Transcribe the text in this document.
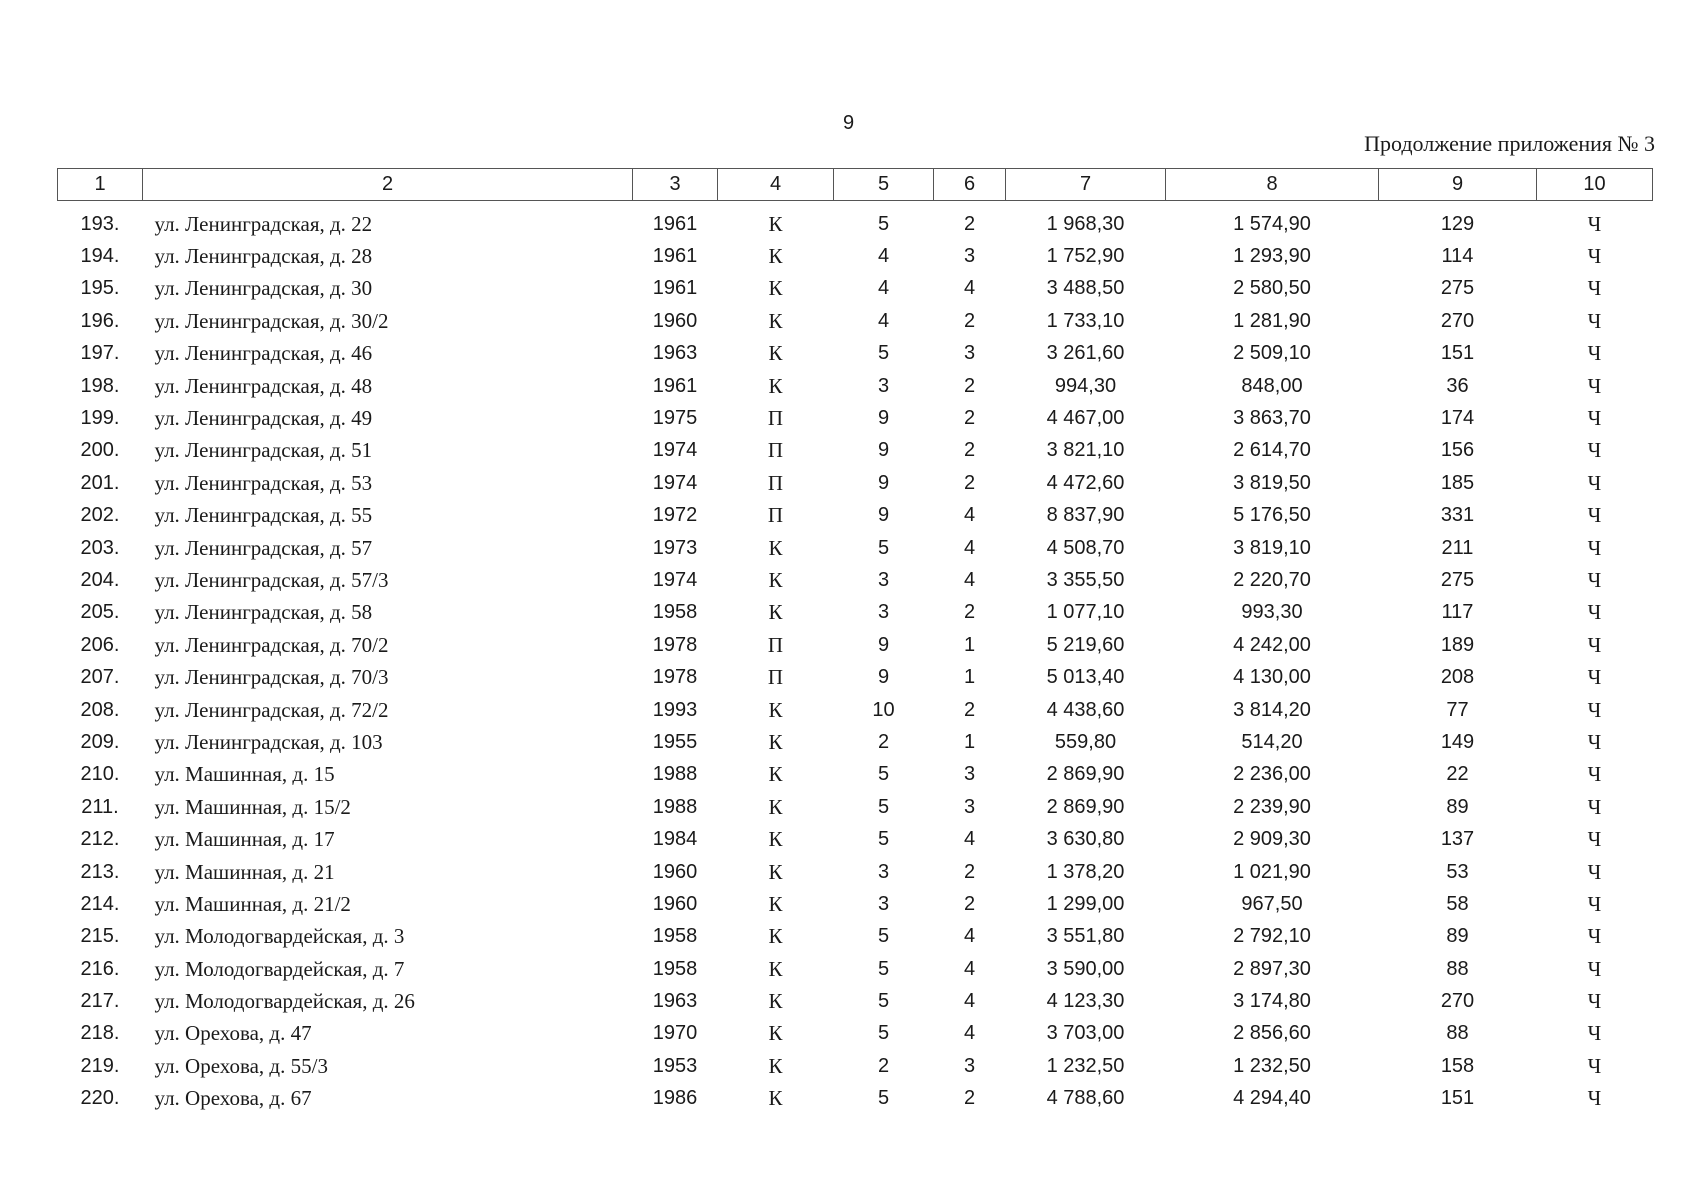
9
Продолжение приложения № 3
1	2	3	4	5	6	7	8	9	10

193.	ул. Ленинградская, д. 22	1961	К	5	2	1 968,30	1 574,90	129	Ч
194.	ул. Ленинградская, д. 28	1961	К	4	3	1 752,90	1 293,90	114	Ч
195.	ул. Ленинградская, д. 30	1961	К	4	4	3 488,50	2 580,50	275	Ч
196.	ул. Ленинградская, д. 30/2	1960	К	4	2	1 733,10	1 281,90	270	Ч
197.	ул. Ленинградская, д. 46	1963	К	5	3	3 261,60	2 509,10	151	Ч
198.	ул. Ленинградская, д. 48	1961	К	3	2	994,30	848,00	36	Ч
199.	ул. Ленинградская, д. 49	1975	П	9	2	4 467,00	3 863,70	174	Ч
200.	ул. Ленинградская, д. 51	1974	П	9	2	3 821,10	2 614,70	156	Ч
201.	ул. Ленинградская, д. 53	1974	П	9	2	4 472,60	3 819,50	185	Ч
202.	ул. Ленинградская, д. 55	1972	П	9	4	8 837,90	5 176,50	331	Ч
203.	ул. Ленинградская, д. 57	1973	К	5	4	4 508,70	3 819,10	211	Ч
204.	ул. Ленинградская, д. 57/3	1974	К	3	4	3 355,50	2 220,70	275	Ч
205.	ул. Ленинградская, д. 58	1958	К	3	2	1 077,10	993,30	117	Ч
206.	ул. Ленинградская, д. 70/2	1978	П	9	1	5 219,60	4 242,00	189	Ч
207.	ул. Ленинградская, д. 70/3	1978	П	9	1	5 013,40	4 130,00	208	Ч
208.	ул. Ленинградская, д. 72/2	1993	К	10	2	4 438,60	3 814,20	77	Ч
209.	ул. Ленинградская, д. 103	1955	К	2	1	559,80	514,20	149	Ч
210.	ул. Машинная, д. 15	1988	К	5	3	2 869,90	2 236,00	22	Ч
211.	ул. Машинная, д. 15/2	1988	К	5	3	2 869,90	2 239,90	89	Ч
212.	ул. Машинная, д. 17	1984	К	5	4	3 630,80	2 909,30	137	Ч
213.	ул. Машинная, д. 21	1960	К	3	2	1 378,20	1 021,90	53	Ч
214.	ул. Машинная, д. 21/2	1960	К	3	2	1 299,00	967,50	58	Ч
215.	ул. Молодогвардейская, д. 3	1958	К	5	4	3 551,80	2 792,10	89	Ч
216.	ул. Молодогвардейская, д. 7	1958	К	5	4	3 590,00	2 897,30	88	Ч
217.	ул. Молодогвардейская, д. 26	1963	К	5	4	4 123,30	3 174,80	270	Ч
218.	ул. Орехова, д. 47	1970	К	5	4	3 703,00	2 856,60	88	Ч
219.	ул. Орехова, д. 55/3	1953	К	2	3	1 232,50	1 232,50	158	Ч
220.	ул. Орехова, д. 67	1986	К	5	2	4 788,60	4 294,40	151	Ч
